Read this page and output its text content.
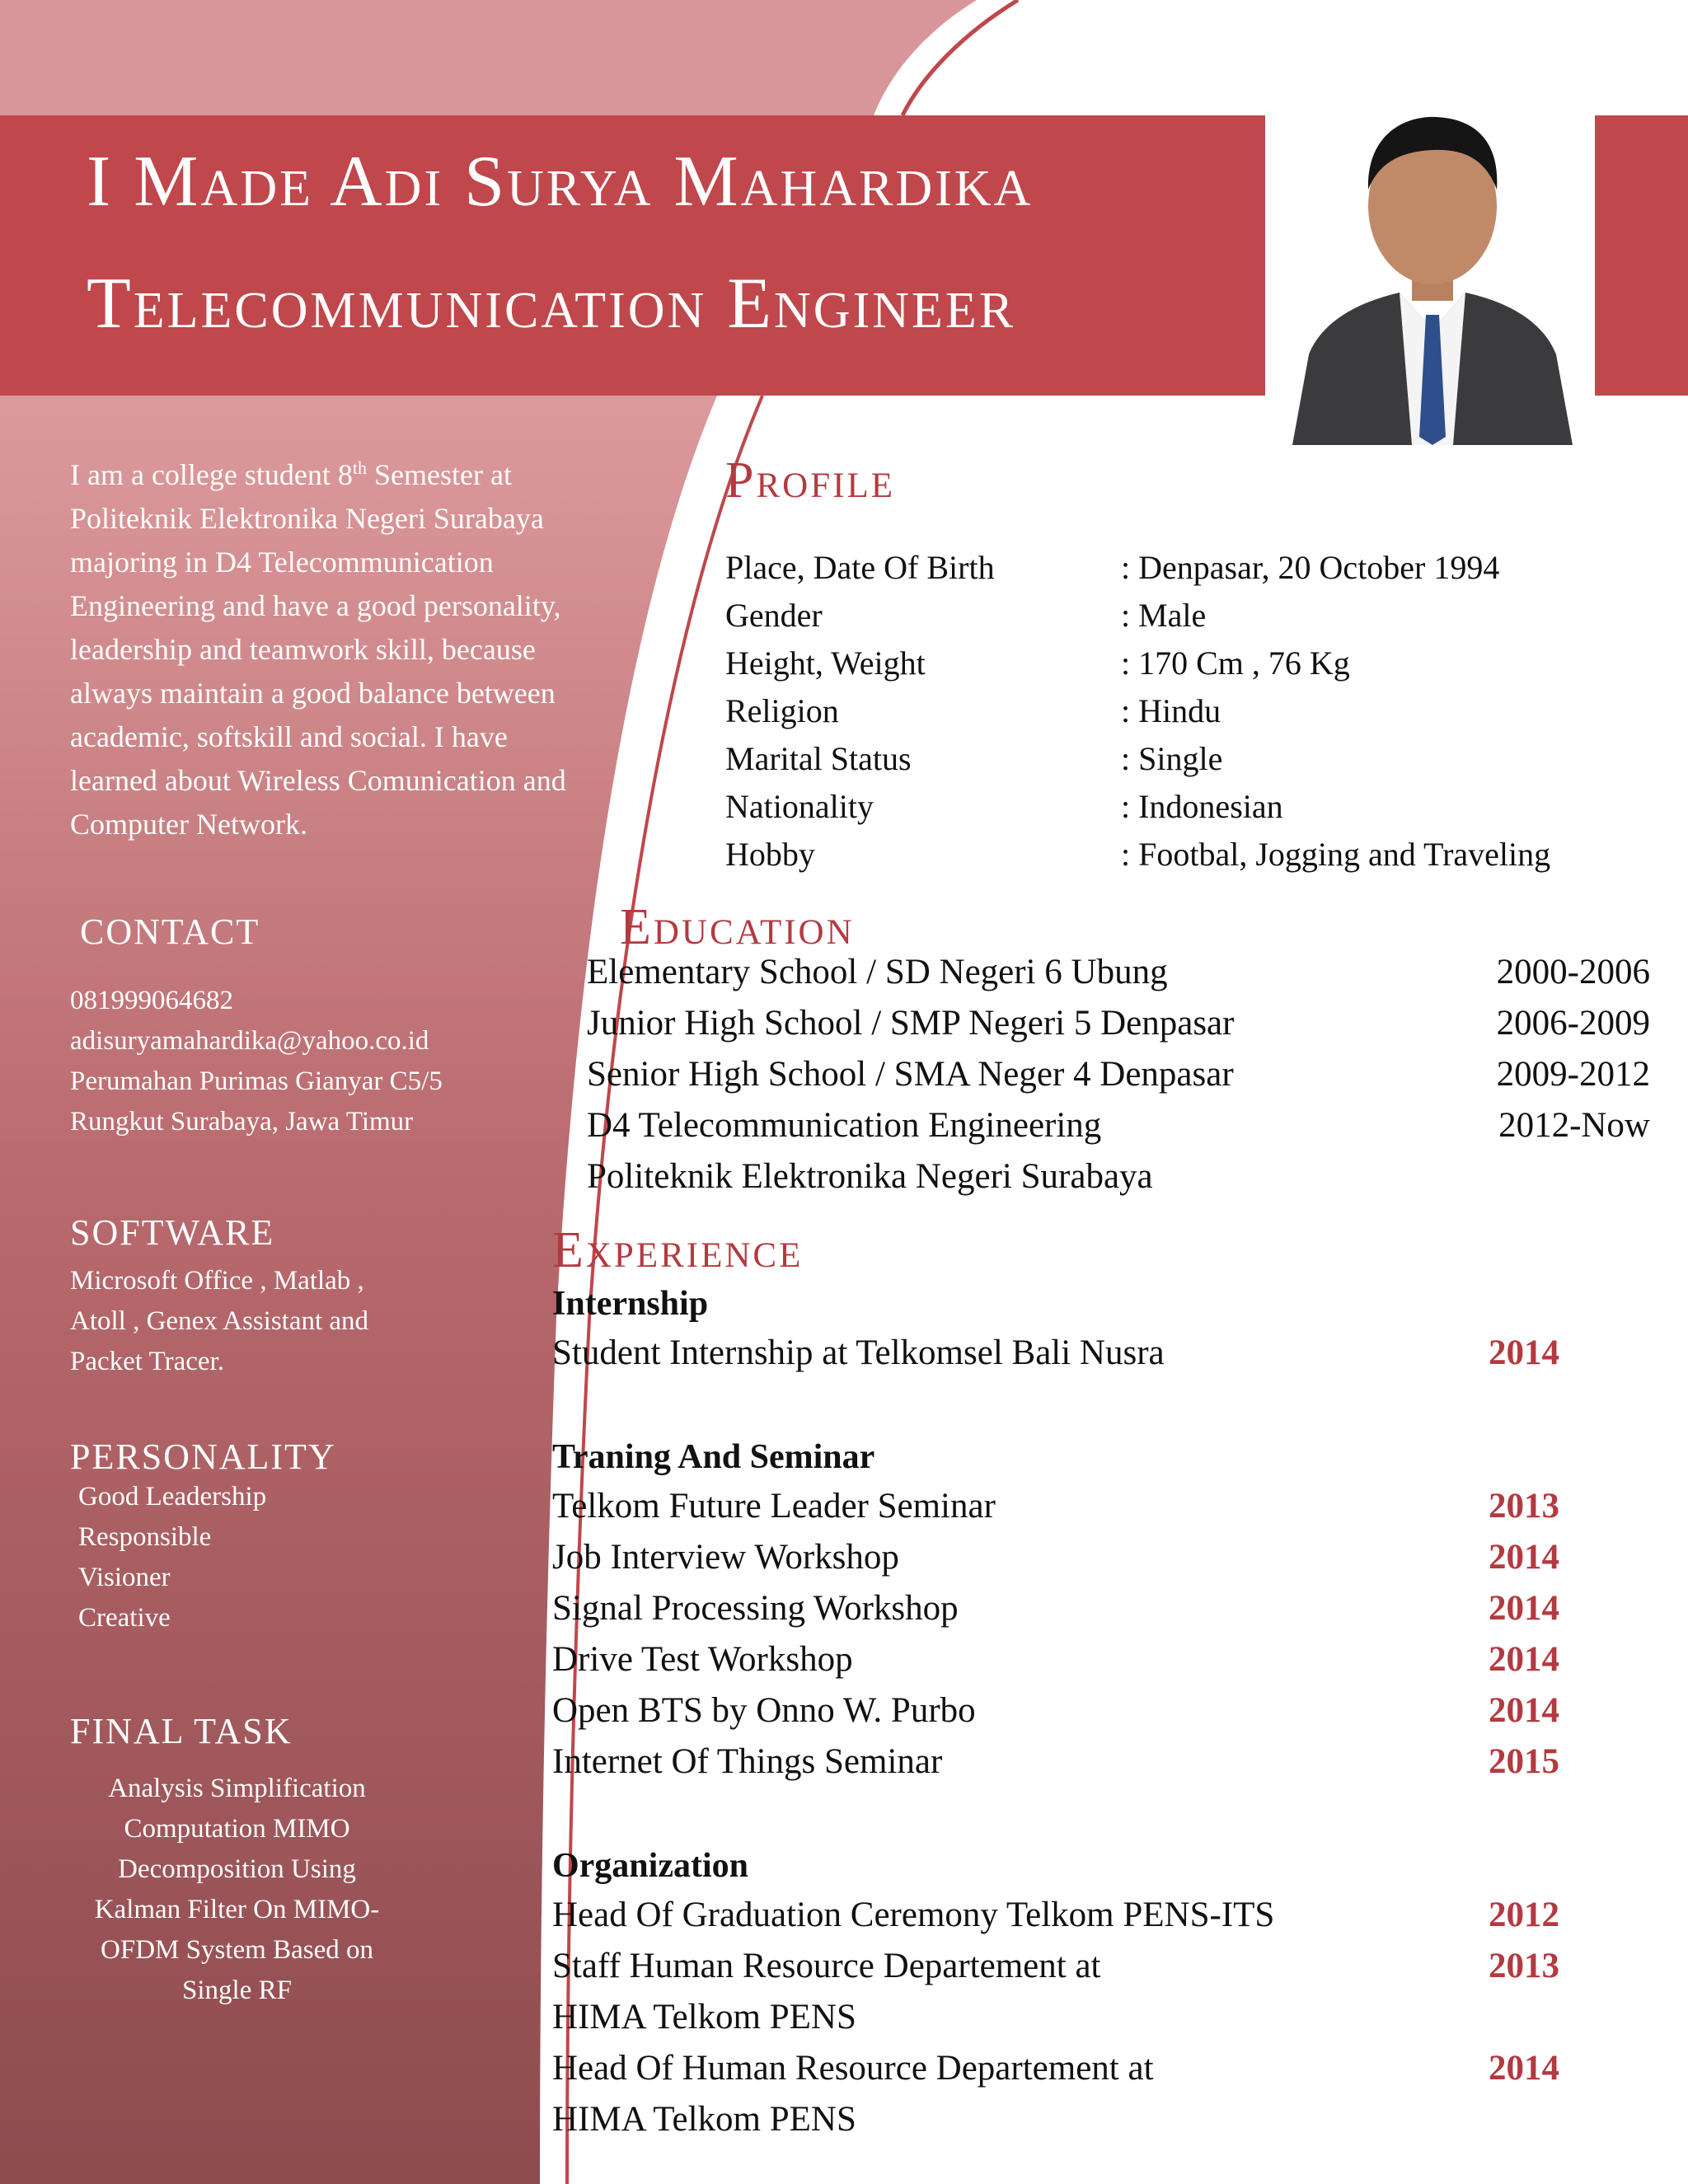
I Made Adi Surya Mahardika
Telecommunication Engineer
I am a college student 8th Semester at Politeknik Elektronika Negeri Surabaya majoring in D4 Telecommunication Engineering and have a good personality, leadership and teamwork skill, because always maintain a good balance between academic, softskill and social. I have learned about Wireless Comunication and Computer Network.
CONTACT
081999064682
adisuryamahardika@yahoo.co.id
Perumahan Purimas Gianyar C5/5
Rungkut Surabaya, Jawa Timur
SOFTWARE
Microsoft Office , Matlab ,
Atoll , Genex Assistant and
Packet Tracer.
PERSONALITY
Good Leadership
Responsible
Visioner
Creative
FINAL TASK
Analysis Simplification
Computation MIMO
Decomposition Using
Kalman Filter On MIMO-
OFDM System Based on
Single RF
Profile
Place, Date Of Birth	: Denpasar, 20 October 1994
Gender	: Male
Height, Weight	: 170 Cm , 76 Kg
Religion	: Hindu
Marital Status	: Single
Nationality	: Indonesian
Hobby	: Footbal, Jogging and Traveling
Education
Elementary School / SD Negeri 6 Ubung	2000-2006
Junior High School / SMP Negeri 5 Denpasar	2006-2009
Senior High School / SMA Neger 4 Denpasar	2009-2012
D4 Telecommunication Engineering	2012-Now
Politeknik Elektronika Negeri Surabaya
Experience
Internship
Student Internship at Telkomsel Bali Nusra	2014
Traning And Seminar
Telkom Future Leader Seminar	2013
Job Interview Workshop	2014
Signal Processing Workshop	2014
Drive Test Workshop	2014
Open BTS by Onno W. Purbo	2014
Internet Of Things Seminar	2015
Organization
Head Of Graduation Ceremony Telkom PENS-ITS	2012
Staff Human Resource Departement at	2013
HIMA Telkom PENS
Head Of Human Resource Departement at	2014
HIMA Telkom PENS
